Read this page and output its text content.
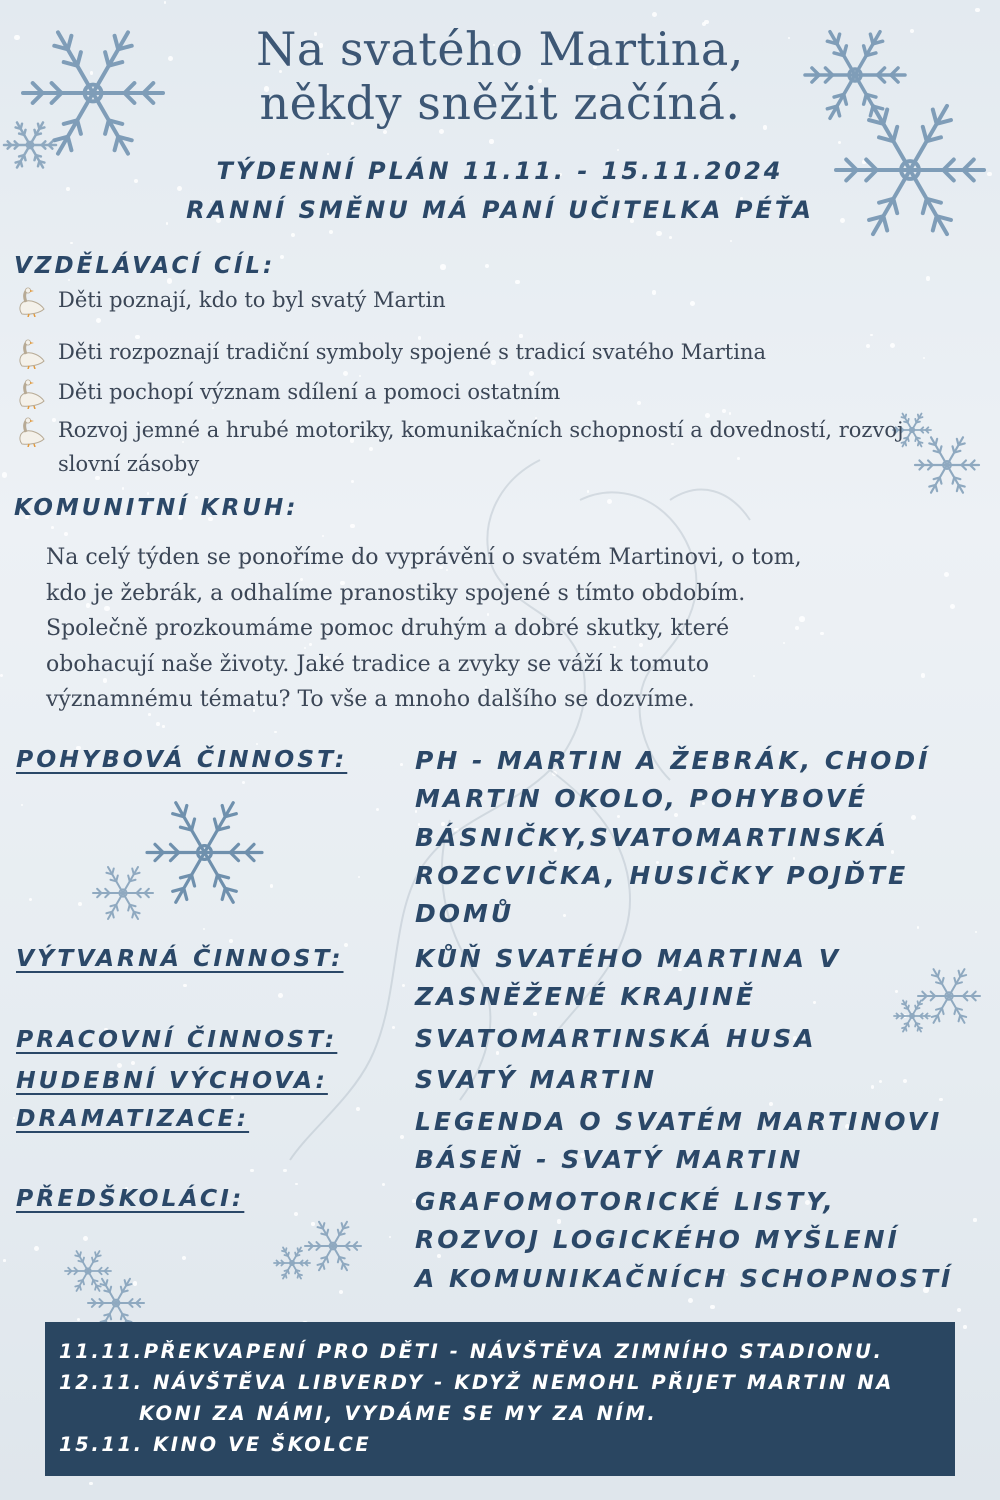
Na svatého Martina,
někdy sněžit začíná.
TÝDENNÍ PLÁN 11.11. - 15.11.2024
RANNÍ SMĚNU MÁ PANÍ UČITELKA PÉŤA
VZDĚLÁVACÍ CÍL:
Děti poznají, kdo to byl svatý Martin
Děti rozpoznají tradiční symboly spojené s tradicí svatého Martina
Děti pochopí význam sdílení a pomoci ostatním
Rozvoj jemné a hrubé motoriky, komunikačních schopností a dovedností, rozvoj slovní zásoby
KOMUNITNÍ KRUH:
Na celý týden se ponoříme do vyprávění o svatém Martinovi, o tom,
kdo je žebrák, a odhalíme pranostiky spojené s tímto obdobím.
Společně prozkoumáme pomoc druhým a dobré skutky, které
obohacují naše životy. Jaké tradice a zvyky se váží k tomuto
významnému tématu? To vše a mnoho dalšího se dozvíme.
POHYBOVÁ ČINNOST:	PH - MARTIN A ŽEBRÁK, CHODÍ
MARTIN OKOLO, POHYBOVÉ
BÁSNIČKY,SVATOMARTINSKÁ
ROZCVIČKA, HUSIČKY POJĎTE
DOMŮ
VÝTVARNÁ ČINNOST:	KŮŇ SVATÉHO MARTINA V
ZASNĚŽENÉ KRAJINĚ
PRACOVNÍ ČINNOST:	SVATOMARTINSKÁ HUSA
HUDEBNÍ VÝCHOVA:	SVATÝ MARTIN
DRAMATIZACE:	LEGENDA O SVATÉM MARTINOVI
BÁSEŇ - SVATÝ MARTIN
PŘEDŠKOLÁCI:	GRAFOMOTORICKÉ LISTY,
ROZVOJ LOGICKÉHO MYŠLENÍ
A KOMUNIKAČNÍCH SCHOPNOSTÍ
11.11.PŘEKVAPENÍ PRO DĚTI - NÁVŠTĚVA ZIMNÍHO STADIONU.
12.11. NÁVŠTĚVA LIBVERDY - KDYŽ NEMOHL PŘIJET MARTIN NA
KONI ZA NÁMI, VYDÁME SE MY ZA NÍM.
15.11. KINO VE ŠKOLCE
